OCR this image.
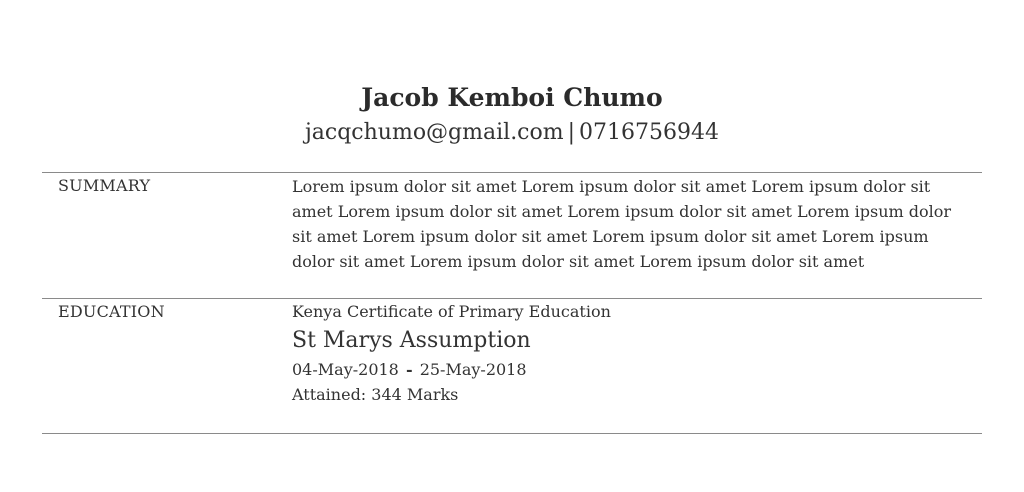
Jacob Kemboi Chumo

jacqchumo@gmail.com | 0716756944

SUMMARY	Lorem ipsum dolor sit amet Lorem ipsum dolor sit amet Lorem ipsum dolor sit amet Lorem ipsum dolor sit amet Lorem ipsum dolor sit amet Lorem ipsum dolor sit amet Lorem ipsum dolor sit amet Lorem ipsum dolor sit amet Lorem ipsum dolor sit amet Lorem ipsum dolor sit amet Lorem ipsum dolor sit amet
EDUCATION	Kenya Certificate of Primary Education
St Marys Assumption
04-May-2018 - 25-May-2018
Attained: 344 Marks
